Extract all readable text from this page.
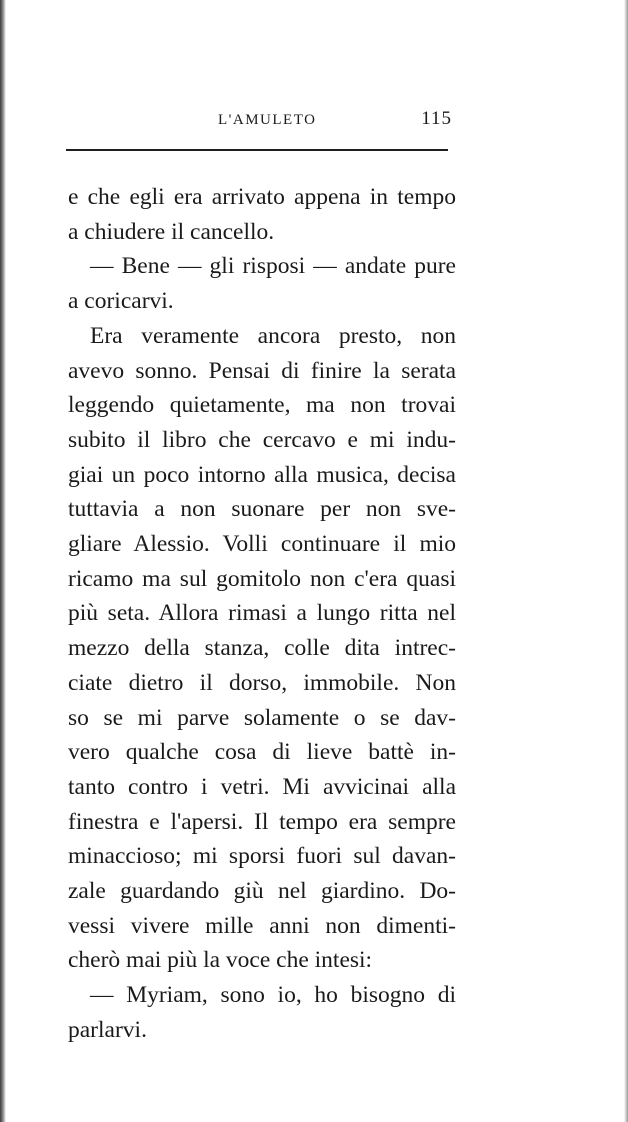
L'AMULETO	115
e che egli era arrivato appena in tempo
a chiudere il cancello.
— Bene — gli risposi — andate pure
a coricarvi.
Era veramente ancora presto, non
avevo sonno. Pensai di finire la serata
leggendo quietamente, ma non trovai
subito il libro che cercavo e mi indu-
giai un poco intorno alla musica, decisa
tuttavia a non suonare per non sve-
gliare Alessio. Volli continuare il mio
ricamo ma sul gomitolo non c'era quasi
più seta. Allora rimasi a lungo ritta nel
mezzo della stanza, colle dita intrec-
ciate dietro il dorso, immobile. Non
so se mi parve solamente o se dav-
vero qualche cosa di lieve battè in-
tanto contro i vetri. Mi avvicinai alla
finestra e l'apersi. Il tempo era sempre
minaccioso; mi sporsi fuori sul davan-
zale guardando giù nel giardino. Do-
vessi vivere mille anni non dimenti-
cherò mai più la voce che intesi:
— Myriam, sono io, ho bisogno di
parlarvi.
